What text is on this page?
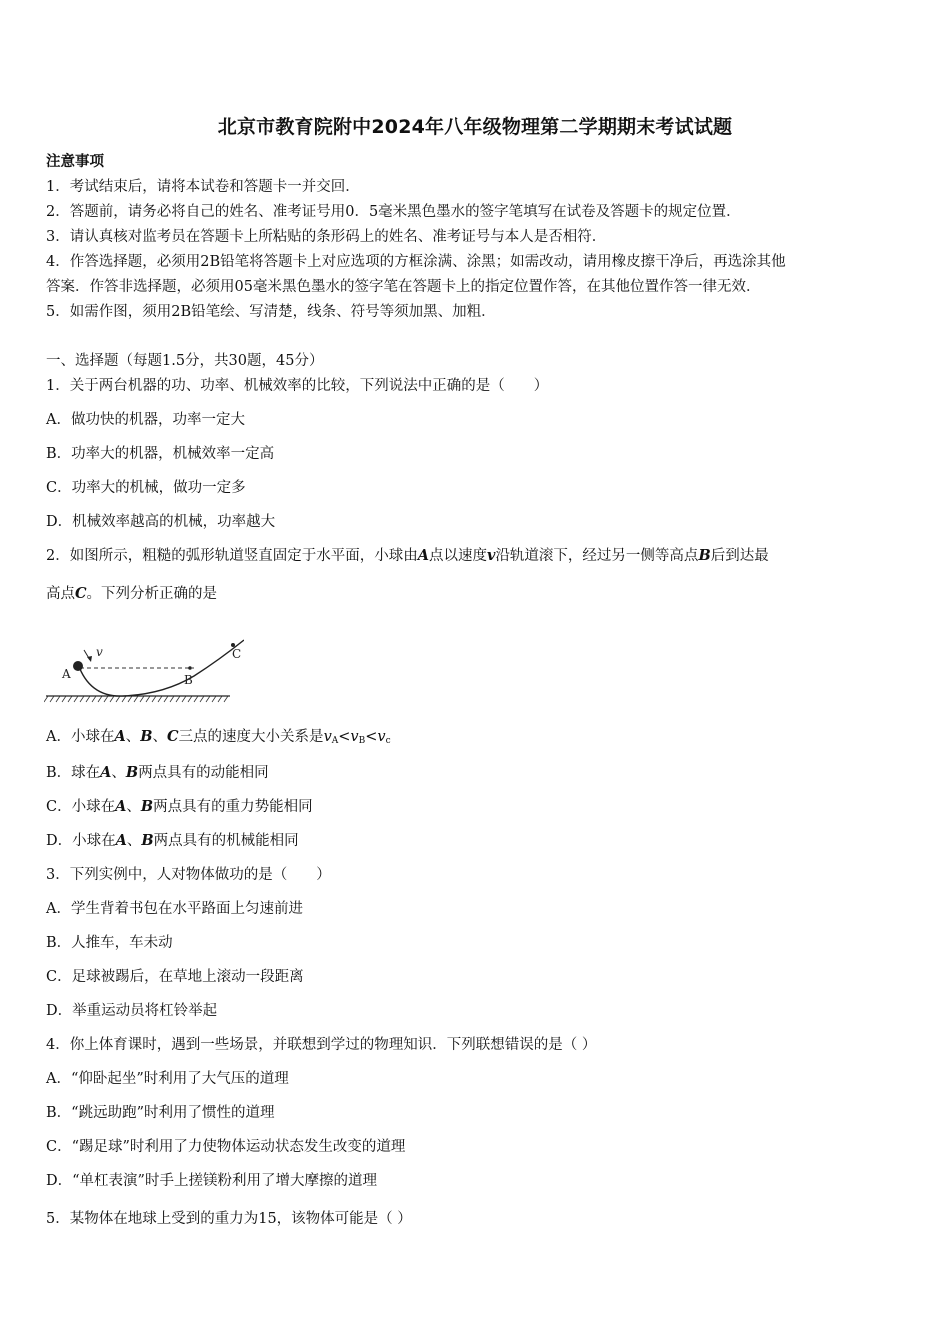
北京市教育院附中2024年八年级物理第二学期期末考试试题
注意事项
1．考试结束后，请将本试卷和答题卡一并交回．
2．答题前，请务必将自己的姓名、准考证号用0．5毫米黑色墨水的签字笔填写在试卷及答题卡的规定位置．
3．请认真核对监考员在答题卡上所粘贴的条形码上的姓名、准考证号与本人是否相符．
4．作答选择题，必须用2B铅笔将答题卡上对应选项的方框涂满、涂黑；如需改动，请用橡皮擦干净后，再选涂其他
答案．作答非选择题，必须用05毫米黑色墨水的签字笔在答题卡上的指定位置作答，在其他位置作答一律无效．
5．如需作图，须用2B铅笔绘、写清楚，线条、符号等须加黑、加粗．
一、选择题（每题1.5分，共30题，45分）
1．关于两台机器的功、功率、机械效率的比较，下列说法中正确的是（　　）
A．做功快的机器，功率一定大
B．功率大的机器，机械效率一定高
C．功率大的机械，做功一定多
D．机械效率越高的机械，功率越大
2．如图所示，粗糙的弧形轨道竖直固定于水平面，小球由A点以速度v沿轨道滚下，经过另一侧等高点B后到达最
高点C。下列分析正确的是
v
A	B
C
A．小球在A、B、C三点的速度大小关系是$v_A<v_B<v_c$
B．球在A、B两点具有的动能相同
C．小球在A、B两点具有的重力势能相同
D．小球在A、B两点具有的机械能相同
3．下列实例中，人对物体做功的是（　　）
A．学生背着书包在水平路面上匀速前进
B．人推车，车未动
C．足球被踢后，在草地上滚动一段距离
D．举重运动员将杠铃举起
4．你上体育课时，遇到一些场景，并联想到学过的物理知识．下列联想错误的是（ ）
A．“仰卧起坐”时利用了大气压的道理
B．“跳远助跑”时利用了惯性的道理
C．“踢足球”时利用了力使物体运动状态发生改变的道理
D．“单杠表演”时手上搓镁粉利用了增大摩擦的道理
5．某物体在地球上受到的重力为15，该物体可能是（ ）
